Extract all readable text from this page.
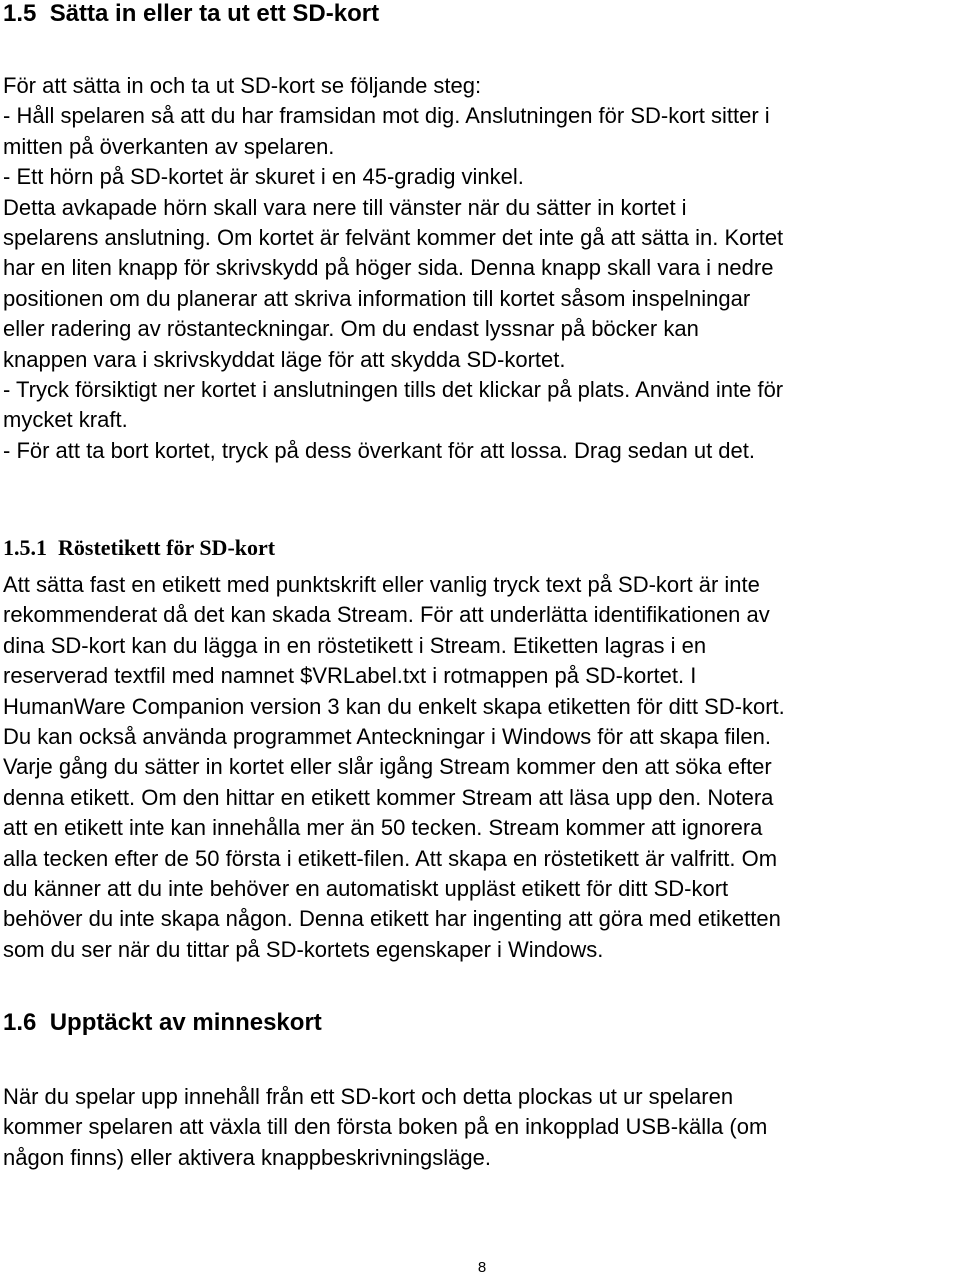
1.5  Sätta in eller ta ut ett SD-kort
För att sätta in och ta ut SD-kort se följande steg:
- Håll spelaren så att du har framsidan mot dig. Anslutningen för SD-kort sitter i
mitten på överkanten av spelaren.
- Ett hörn på SD-kortet är skuret i en 45-gradig vinkel.
Detta avkapade hörn skall vara nere till vänster när du sätter in kortet i
spelarens anslutning. Om kortet är felvänt kommer det inte gå att sätta in. Kortet
har en liten knapp för skrivskydd på höger sida. Denna knapp skall vara i nedre
positionen om du planerar att skriva information till kortet såsom inspelningar
eller radering av röstanteckningar. Om du endast lyssnar på böcker kan
knappen vara i skrivskyddat läge för att skydda SD-kortet.
- Tryck försiktigt ner kortet i anslutningen tills det klickar på plats. Använd inte för
mycket kraft.
- För att ta bort kortet, tryck på dess överkant för att lossa. Drag sedan ut det.
1.5.1  Röstetikett för SD-kort
Att sätta fast en etikett med punktskrift eller vanlig tryck text på SD-kort är inte
rekommenderat då det kan skada Stream. För att underlätta identifikationen av
dina SD-kort kan du lägga in en röstetikett i Stream. Etiketten lagras i en
reserverad textfil med namnet $VRLabel.txt i rotmappen på SD-kortet. I
HumanWare Companion version 3 kan du enkelt skapa etiketten för ditt SD-kort.
Du kan också använda programmet Anteckningar i Windows för att skapa filen.
Varje gång du sätter in kortet eller slår igång Stream kommer den att söka efter
denna etikett. Om den hittar en etikett kommer Stream att läsa upp den. Notera
att en etikett inte kan innehålla mer än 50 tecken. Stream kommer att ignorera
alla tecken efter de 50 första i etikett-filen. Att skapa en röstetikett är valfritt. Om
du känner att du inte behöver en automatiskt uppläst etikett för ditt SD-kort
behöver du inte skapa någon. Denna etikett har ingenting att göra med etiketten
som du ser när du tittar på SD-kortets egenskaper i Windows.
1.6  Upptäckt av minneskort
När du spelar upp innehåll från ett SD-kort och detta plockas ut ur spelaren
kommer spelaren att växla till den första boken på en inkopplad USB-källa (om
någon finns) eller aktivera knappbeskrivningsläge.
8
